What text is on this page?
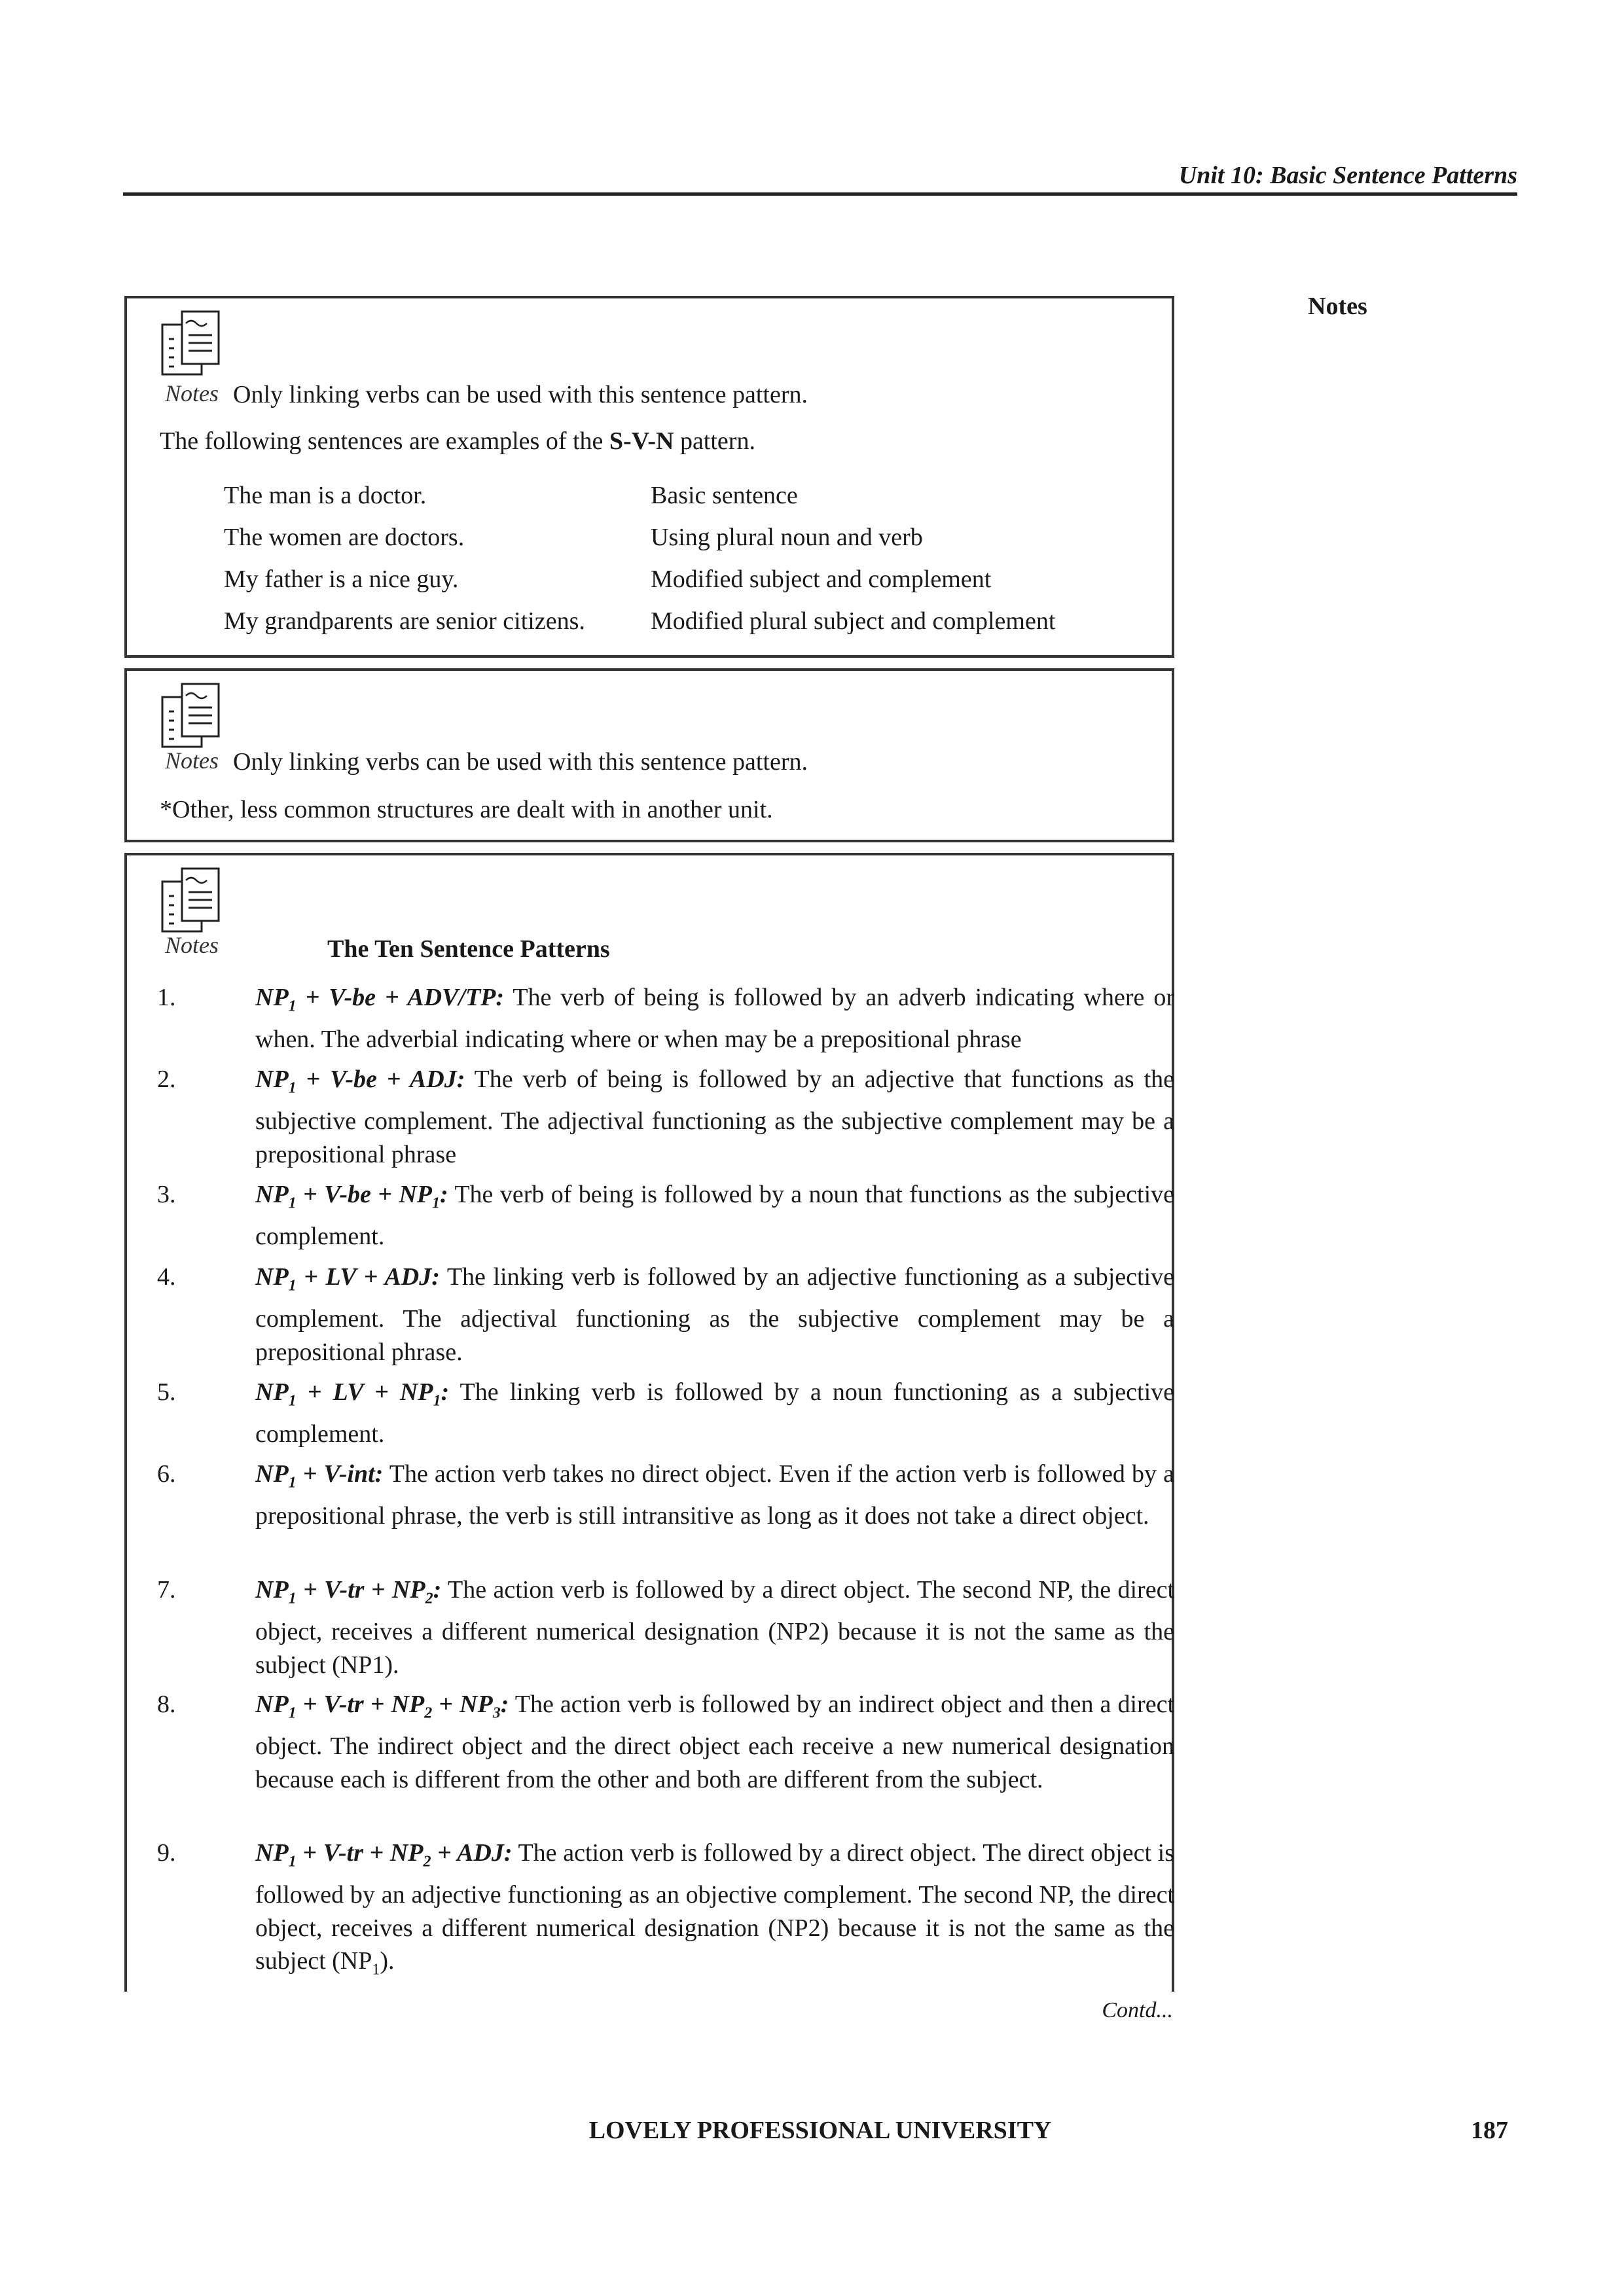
Unit 10: Basic Sentence Patterns
Notes
Notes Only linking verbs can be used with this sentence pattern.
The following sentences are examples of the S-V-N pattern.
The man is a doctor.	Basic sentence
The women are doctors.	Using plural noun and verb
My father is a nice guy.	Modified subject and complement
My grandparents are senior citizens.	Modified plural subject and complement
Notes Only linking verbs can be used with this sentence pattern.
*Other, less common structures are dealt with in another unit.
Notes	The Ten Sentence Patterns
1.	$NP_1 + V-be + ADV/TP$: The verb of being is followed by an adverb indicating where or when. The adverbial indicating where or when may be a prepositional phrase
2.	$NP_1 + V-be$ + ADJ: The verb of being is followed by an adjective that functions as the subjective complement. The adjectival functioning as the subjective complement may be a prepositional phrase
3.	$NP_1 + V-be + NP_1$: The verb of being is followed by a noun that functions as the subjective complement.
4.	$NP_1$ + LV + ADJ: The linking verb is followed by an adjective functioning as a subjective complement. The adjectival functioning as the subjective complement may be a prepositional phrase.
5.	$NP_1$ + LV + $NP_1$: The linking verb is followed by a noun functioning as a subjective complement.
6.	$NP_1 + V-int$: The action verb takes no direct object. Even if the action verb is followed by a prepositional phrase, the verb is still intransitive as long as it does not take a direct object.
7.	$NP_1 + V-tr + NP_2$: The action verb is followed by a direct object. The second NP, the direct object, receives a different numerical designation (NP2) because it is not the same as the subject (NP1).
8.	$NP_1 + V-tr + NP_2 + NP_3$: The action verb is followed by an indirect object and then a direct object. The indirect object and the direct object each receive a new numerical designation because each is different from the other and both are different from the subject.
9.	$NP_1 + V-tr + NP_2$ + ADJ: The action verb is followed by a direct object. The direct object is followed by an adjective functioning as an objective complement. The second NP, the direct object, receives a different numerical designation (NP2) because it is not the same as the subject $(NP_1)$.
Contd...
LOVELY PROFESSIONAL UNIVERSITY	187
